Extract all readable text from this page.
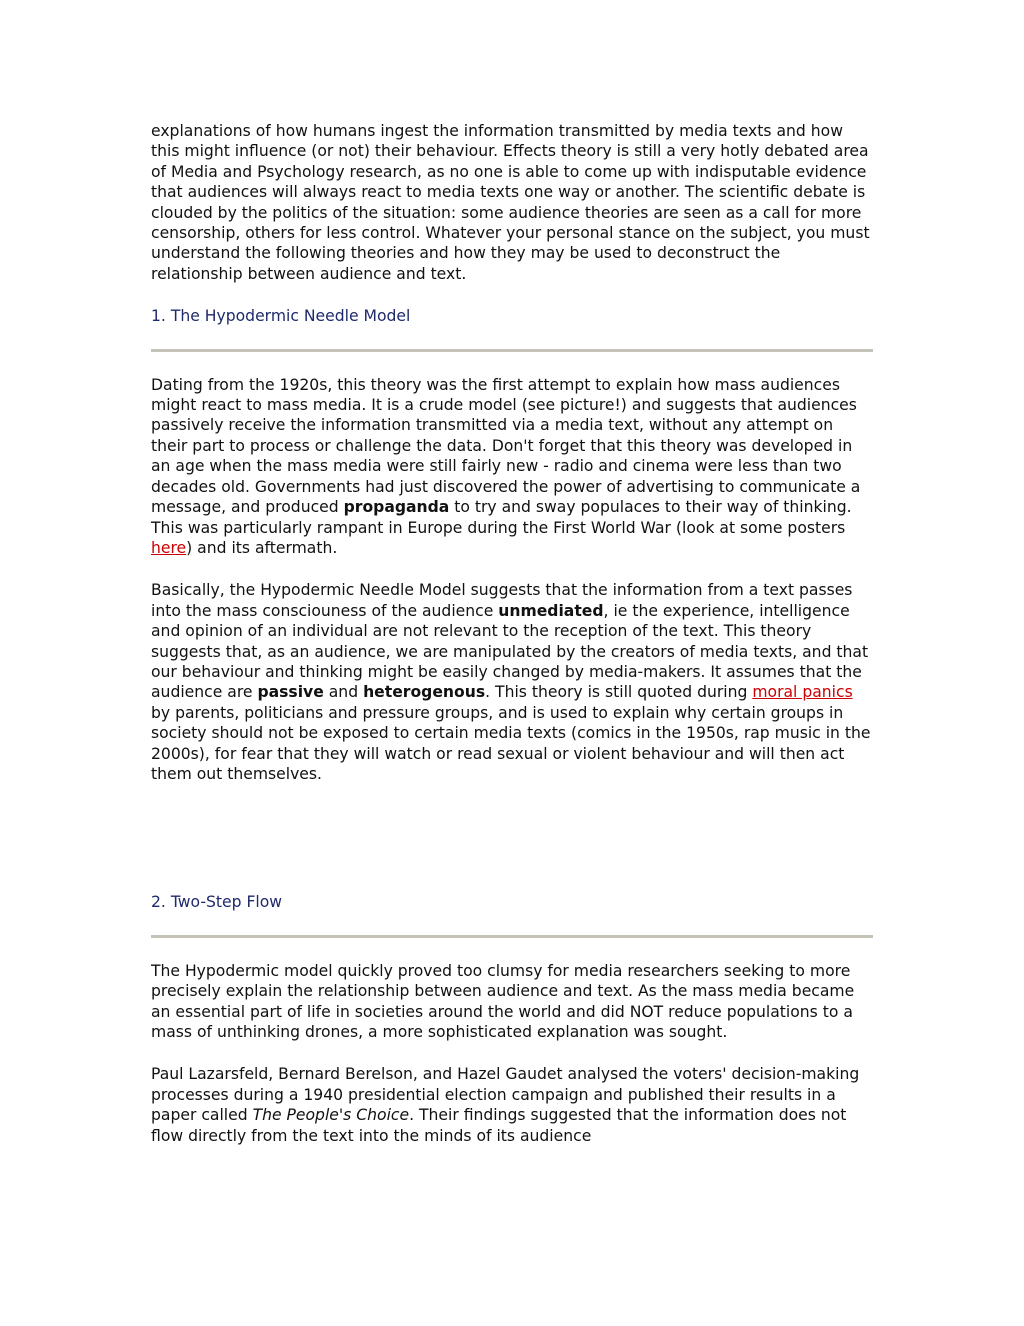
explanations of how humans ingest the information transmitted by media texts and how this might influence (or not) their behaviour. Effects theory is still a very hotly debated area of Media and Psychology research, as no one is able to come up with indisputable evidence that audiences will always react to media texts one way or another. The scientific debate is clouded by the politics of the situation: some audience theories are seen as a call for more censorship, others for less control. Whatever your personal stance on the subject, you must understand the following theories and how they may be used to deconstruct the relationship between audience and text.

1. The Hypodermic Needle Model

Dating from the 1920s, this theory was the first attempt to explain how mass audiences might react to mass media. It is a crude model (see picture!) and suggests that audiences passively receive the information transmitted via a media text, without any attempt on their part to process or challenge the data. Don't forget that this theory was developed in an age when the mass media were still fairly new - radio and cinema were less than two decades old. Governments had just discovered the power of advertising to communicate a message, and produced propaganda to try and sway populaces to their way of thinking. This was particularly rampant in Europe during the First World War (look at some posters here) and its aftermath.

Basically, the Hypodermic Needle Model suggests that the information from a text passes into the mass consciouness of the audience unmediated, ie the experience, intelligence and opinion of an individual are not relevant to the reception of the text. This theory suggests that, as an audience, we are manipulated by the creators of media texts, and that our behaviour and thinking might be easily changed by media-makers. It assumes that the audience are passive and heterogenous. This theory is still quoted during moral panics by parents, politicians and pressure groups, and is used to explain why certain groups in society should not be exposed to certain media texts (comics in the 1950s, rap music in the 2000s), for fear that they will watch or read sexual or violent behaviour and will then act them out themselves.

2. Two-Step Flow

The Hypodermic model quickly proved too clumsy for media researchers seeking to more precisely explain the relationship between audience and text. As the mass media became an essential part of life in societies around the world and did NOT reduce populations to a mass of unthinking drones, a more sophisticated explanation was sought.

Paul Lazarsfeld, Bernard Berelson, and Hazel Gaudet analysed the voters' decision-making processes during a 1940 presidential election campaign and published their results in a paper called The People's Choice. Their findings suggested that the information does not flow directly from the text into the minds of its audience
